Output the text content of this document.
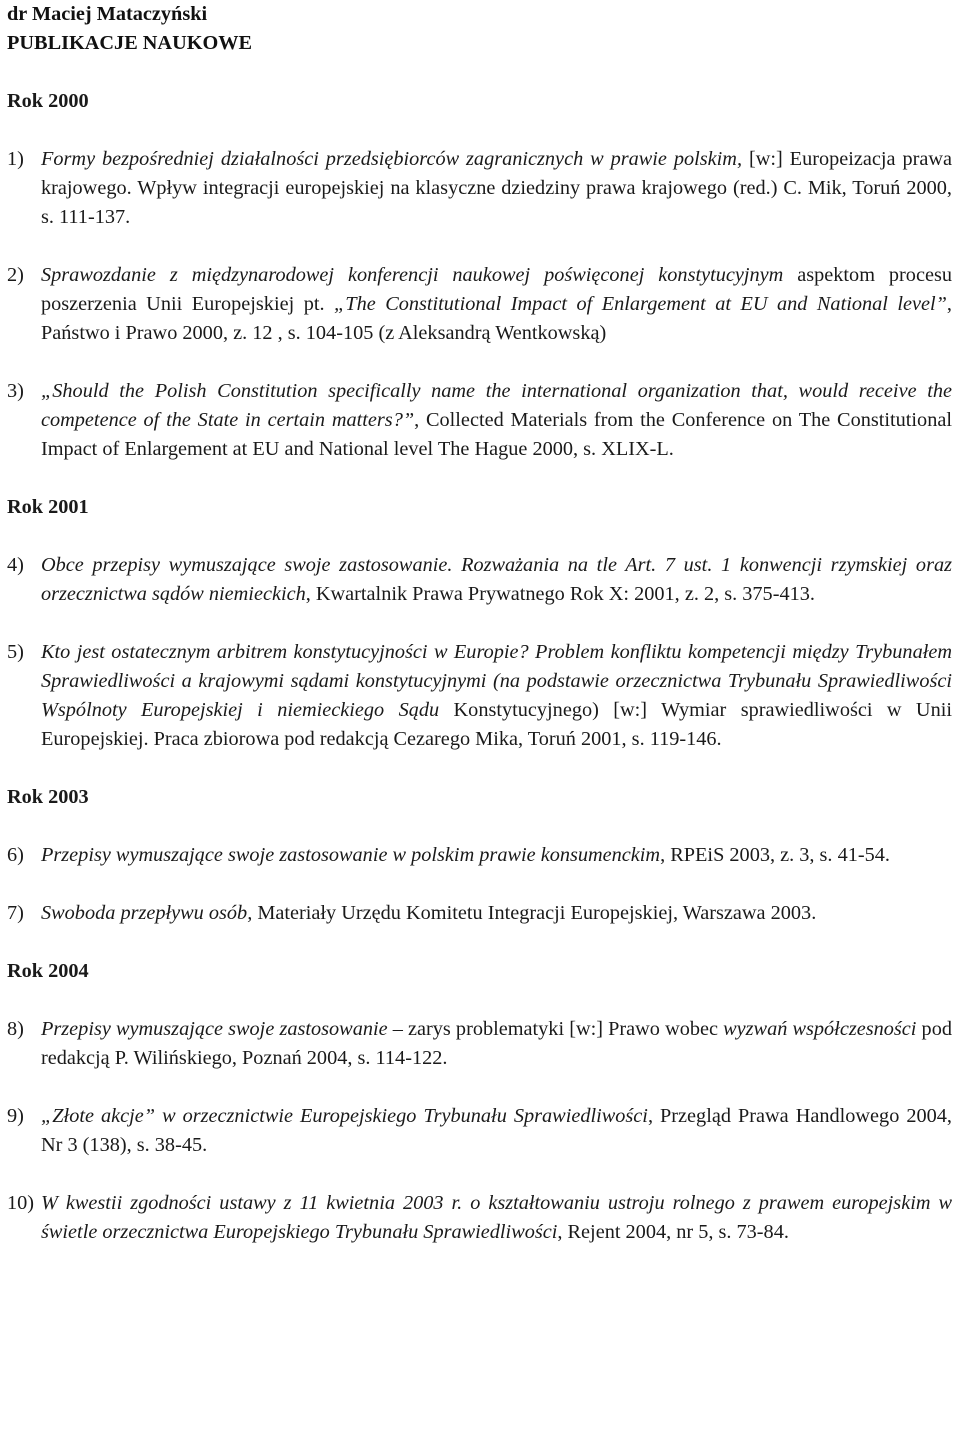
dr Maciej Mataczyński
PUBLIKACJE NAUKOWE
Rok 2000
1) Formy bezpośredniej działalności przedsiębiorców zagranicznych w prawie polskim, [w:] Europeizacja prawa krajowego. Wpływ integracji europejskiej na klasyczne dziedziny prawa krajowego (red.) C. Mik, Toruń 2000, s. 111-137.
2) Sprawozdanie z międzynarodowej konferencji naukowej poświęconej konstytucyjnym aspektom procesu poszerzenia Unii Europejskiej pt. „The Constitutional Impact of Enlargement at EU and National level”, Państwo i Prawo 2000, z. 12 , s. 104-105 (z Aleksandrą Wentkowską)
3) „Should the Polish Constitution specifically name the international organization that, would receive the competence of the State in certain matters?”, Collected Materials from the Conference on The Constitutional Impact of Enlargement at EU and National level The Hague 2000, s. XLIX-L.
Rok 2001
4) Obce przepisy wymuszające swoje zastosowanie. Rozważania na tle Art. 7 ust. 1 konwencji rzymskiej oraz orzecznictwa sądów niemieckich, Kwartalnik Prawa Prywatnego Rok X: 2001, z. 2, s. 375-413.
5) Kto jest ostatecznym arbitrem konstytucyjności w Europie? Problem konfliktu kompetencji między Trybunałem Sprawiedliwości a krajowymi sądami konstytucyjnymi (na podstawie orzecznictwa Trybunału Sprawiedliwości Wspólnoty Europejskiej i niemieckiego Sądu Konstytucyjnego) [w:] Wymiar sprawiedliwości w Unii Europejskiej. Praca zbiorowa pod redakcją Cezarego Mika, Toruń 2001, s. 119-146.
Rok 2003
6) Przepisy wymuszające swoje zastosowanie w polskim prawie konsumenckim, RPEiS 2003, z. 3, s. 41-54.
7) Swoboda przepływu osób, Materiały Urzędu Komitetu Integracji Europejskiej, Warszawa 2003.
Rok 2004
8) Przepisy wymuszające swoje zastosowanie – zarys problematyki [w:] Prawo wobec wyzwań współczesności pod redakcją P. Wilińskiego, Poznań 2004, s. 114-122.
9) „Złote akcje” w orzecznictwie Europejskiego Trybunału Sprawiedliwości, Przegląd Prawa Handlowego 2004, Nr 3 (138), s. 38-45.
10) W kwestii zgodności ustawy z 11 kwietnia 2003 r. o kształtowaniu ustroju rolnego z prawem europejskim w świetle orzecznictwa Europejskiego Trybunału Sprawiedliwości, Rejent 2004, nr 5, s. 73-84.
